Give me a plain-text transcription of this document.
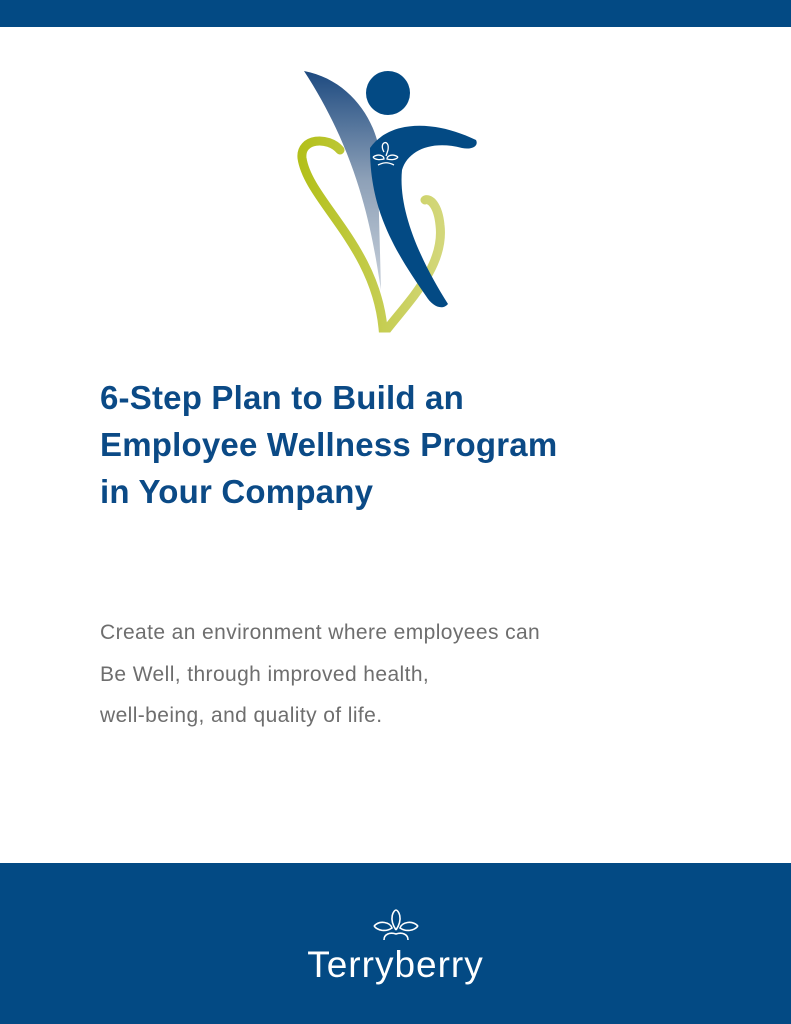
6-Step Plan to Build an
Employee Wellness Program
in Your Company
Create an environment where employees can
Be Well, through improved health,
well-being, and quality of life.
Terryberry
